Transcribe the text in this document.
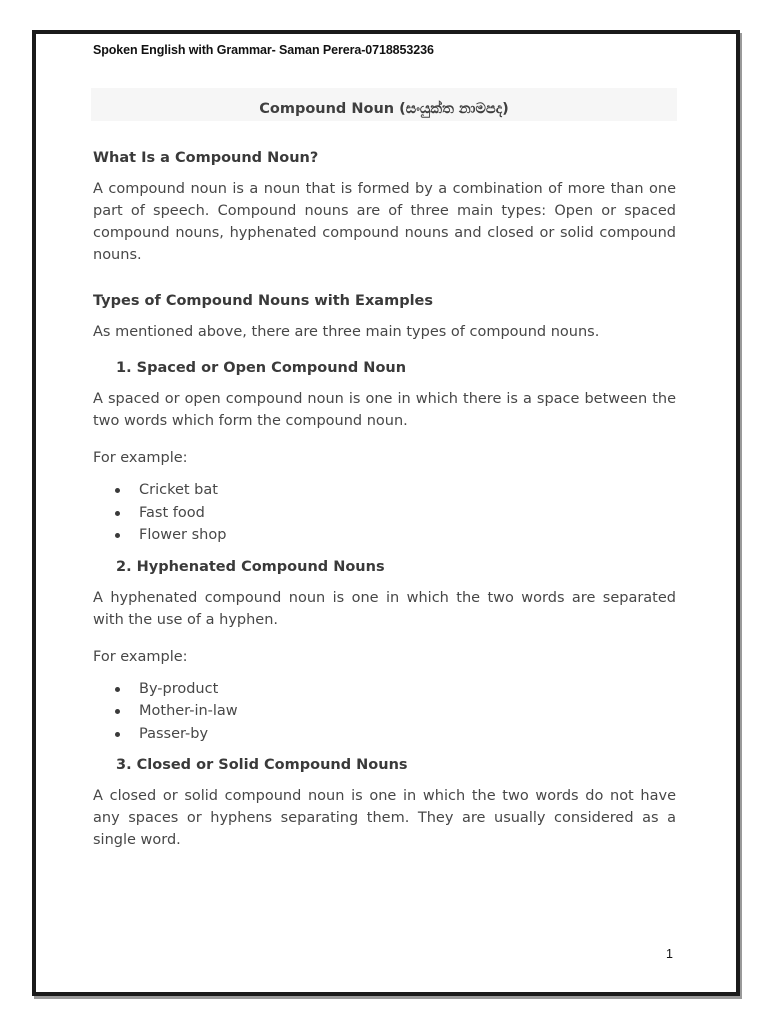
Spoken English with Grammar- Saman Perera-0718853236
Compound Noun (සංයුක්ත නාමපද)

What Is a Compound Noun?

A compound noun is a noun that is formed by a combination of more than one part of speech. Compound nouns are of three main types: Open or spaced compound nouns, hyphenated compound nouns and closed or solid compound nouns.

Types of Compound Nouns with Examples

As mentioned above, there are three main types of compound nouns.

1. Spaced or Open Compound Noun

A spaced or open compound noun is one in which there is a space between the two words which form the compound noun.

For example:

Cricket bat
Fast food
Flower shop

2. Hyphenated Compound Nouns

A hyphenated compound noun is one in which the two words are separated with the use of a hyphen.

For example:

By-product
Mother-in-law
Passer-by

3. Closed or Solid Compound Nouns

A closed or solid compound noun is one in which the two words do not have any spaces or hyphens separating them. They are usually considered as a single word.

1
